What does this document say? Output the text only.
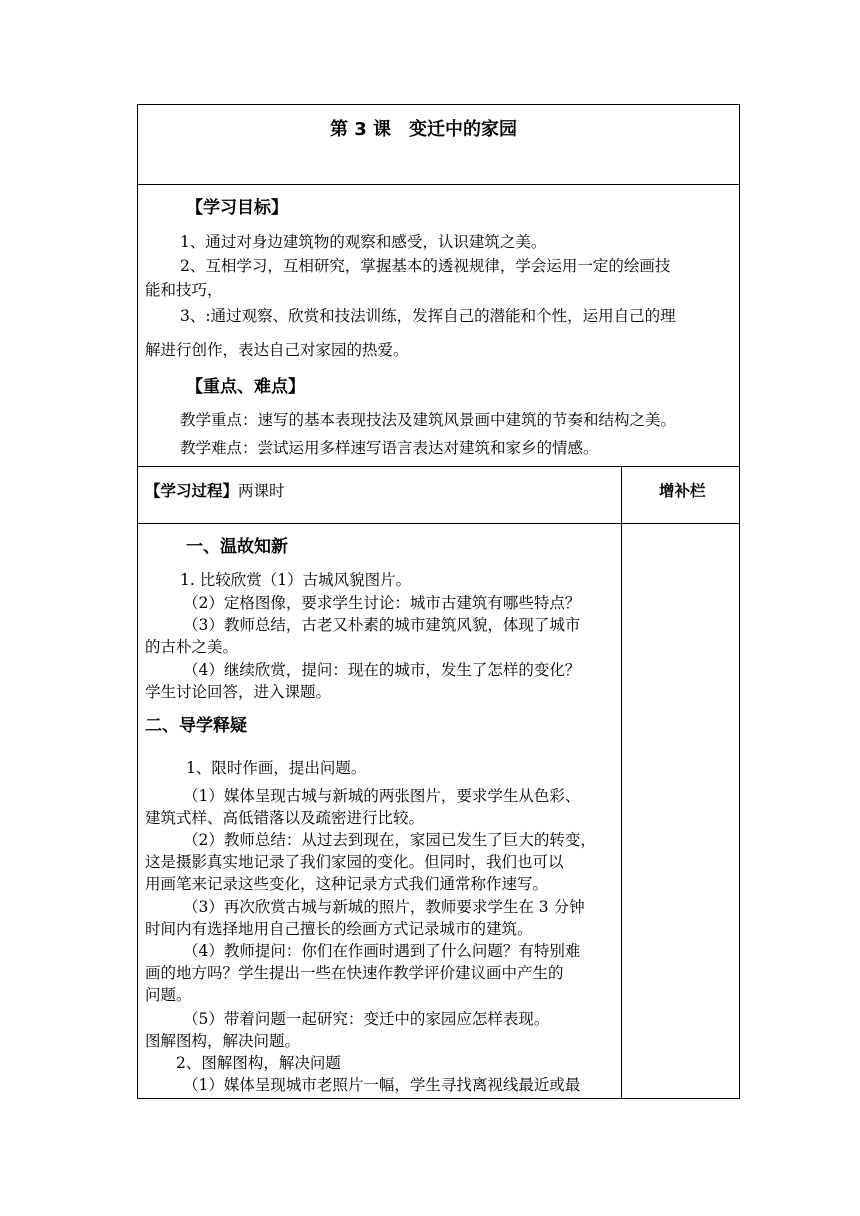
第 3 课　变迁中的家园
【学习目标】
1、通过对身边建筑物的观察和感受，认识建筑之美。
2、互相学习，互相研究，掌握基本的透视规律，学会运用一定的绘画技
能和技巧，
3、:通过观察、欣赏和技法训练，发挥自己的潜能和个性，运用自己的理
解进行创作，表达自己对家园的热爱。
【重点、难点】
教学重点：速写的基本表现技法及建筑风景画中建筑的节奏和结构之美。
教学难点：尝试运用多样速写语言表达对建筑和家乡的情感。
【学习过程】两课时	增补栏
一、温故知新
1. 比较欣赏（1）古城风貌图片。
（2）定格图像，要求学生讨论：城市古建筑有哪些特点？
（3）教师总结，古老又朴素的城市建筑风貌，体现了城市
的古朴之美。
（4）继续欣赏，提问：现在的城市，发生了怎样的变化？
学生讨论回答，进入课题。
二、导学释疑
1、限时作画，提出问题。
（1）媒体呈现古城与新城的两张图片，要求学生从色彩、
建筑式样、高低错落以及疏密进行比较。
（2）教师总结：从过去到现在，家园已发生了巨大的转变，
这是摄影真实地记录了我们家园的变化。但同时，我们也可以
用画笔来记录这些变化，这种记录方式我们通常称作速写。
（3）再次欣赏古城与新城的照片，教师要求学生在 3 分钟
时间内有选择地用自己擅长的绘画方式记录城市的建筑。
（4）教师提问：你们在作画时遇到了什么问题？有特别难
画的地方吗？学生提出一些在快速作教学评价建议画中产生的
问题。
（5）带着问题一起研究：变迁中的家园应怎样表现。
图解图构，解决问题。
2、图解图构，解决问题
（1）媒体呈现城市老照片一幅，学生寻找离视线最近或最
